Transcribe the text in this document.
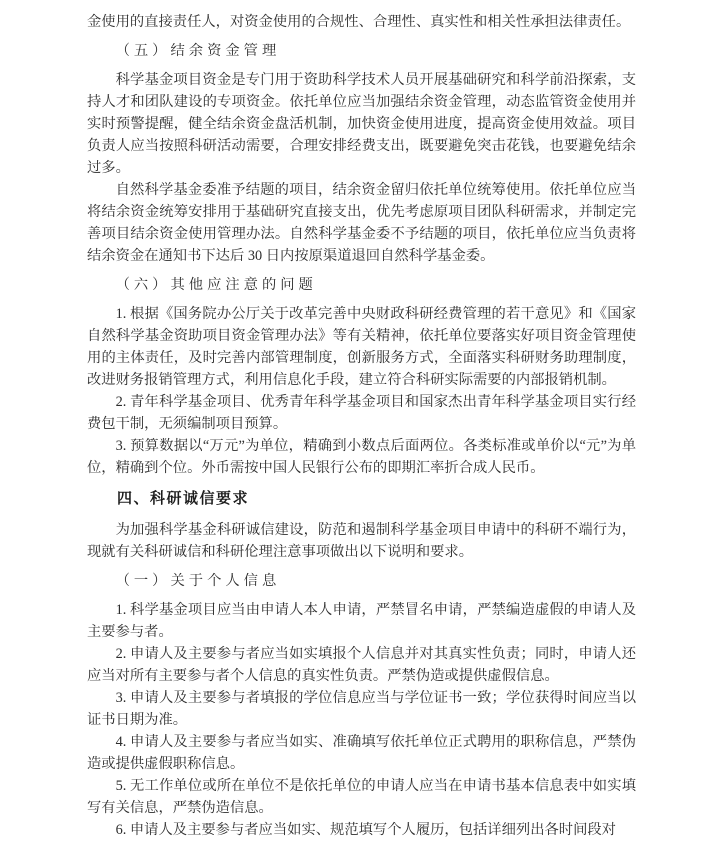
金使用的直接责任人，对资金使用的合规性、合理性、真实性和相关性承担法律责任。

（五）结余资金管理

科学基金项目资金是专门用于资助科学技术人员开展基础研究和科学前沿探索，支持人才和团队建设的专项资金。依托单位应当加强结余资金管理，动态监管资金使用并实时预警提醒，健全结余资金盘活机制，加快资金使用进度，提高资金使用效益。项目负责人应当按照科研活动需要，合理安排经费支出，既要避免突击花钱，也要避免结余过多。

自然科学基金委准予结题的项目，结余资金留归依托单位统筹使用。依托单位应当将结余资金统筹安排用于基础研究直接支出，优先考虑原项目团队科研需求，并制定完善项目结余资金使用管理办法。自然科学基金委不予结题的项目，依托单位应当负责将结余资金在通知书下达后 30 日内按原渠道退回自然科学基金委。

（六）其他应注意的问题

1. 根据《国务院办公厅关于改革完善中央财政科研经费管理的若干意见》和《国家自然科学基金资助项目资金管理办法》等有关精神，依托单位要落实好项目资金管理使用的主体责任，及时完善内部管理制度，创新服务方式，全面落实科研财务助理制度，改进财务报销管理方式，利用信息化手段，建立符合科研实际需要的内部报销机制。

2. 青年科学基金项目、优秀青年科学基金项目和国家杰出青年科学基金项目实行经费包干制，无须编制项目预算。

3. 预算数据以“万元”为单位，精确到小数点后面两位。各类标准或单价以“元”为单位，精确到个位。外币需按中国人民银行公布的即期汇率折合成人民币。

四、科研诚信要求

为加强科学基金科研诚信建设，防范和遏制科学基金项目申请中的科研不端行为，现就有关科研诚信和科研伦理注意事项做出以下说明和要求。

（一）关于个人信息

1. 科学基金项目应当由申请人本人申请，严禁冒名申请，严禁编造虚假的申请人及主要参与者。

2. 申请人及主要参与者应当如实填报个人信息并对其真实性负责；同时，申请人还应当对所有主要参与者个人信息的真实性负责。严禁伪造或提供虚假信息。

3. 申请人及主要参与者填报的学位信息应当与学位证书一致；学位获得时间应当以证书日期为准。

4. 申请人及主要参与者应当如实、准确填写依托单位正式聘用的职称信息，严禁伪造或提供虚假职称信息。

5. 无工作单位或所在单位不是依托单位的申请人应当在申请书基本信息表中如实填写有关信息，严禁伪造信息。

6. 申请人及主要参与者应当如实、规范填写个人履历，包括详细列出各时间段对
